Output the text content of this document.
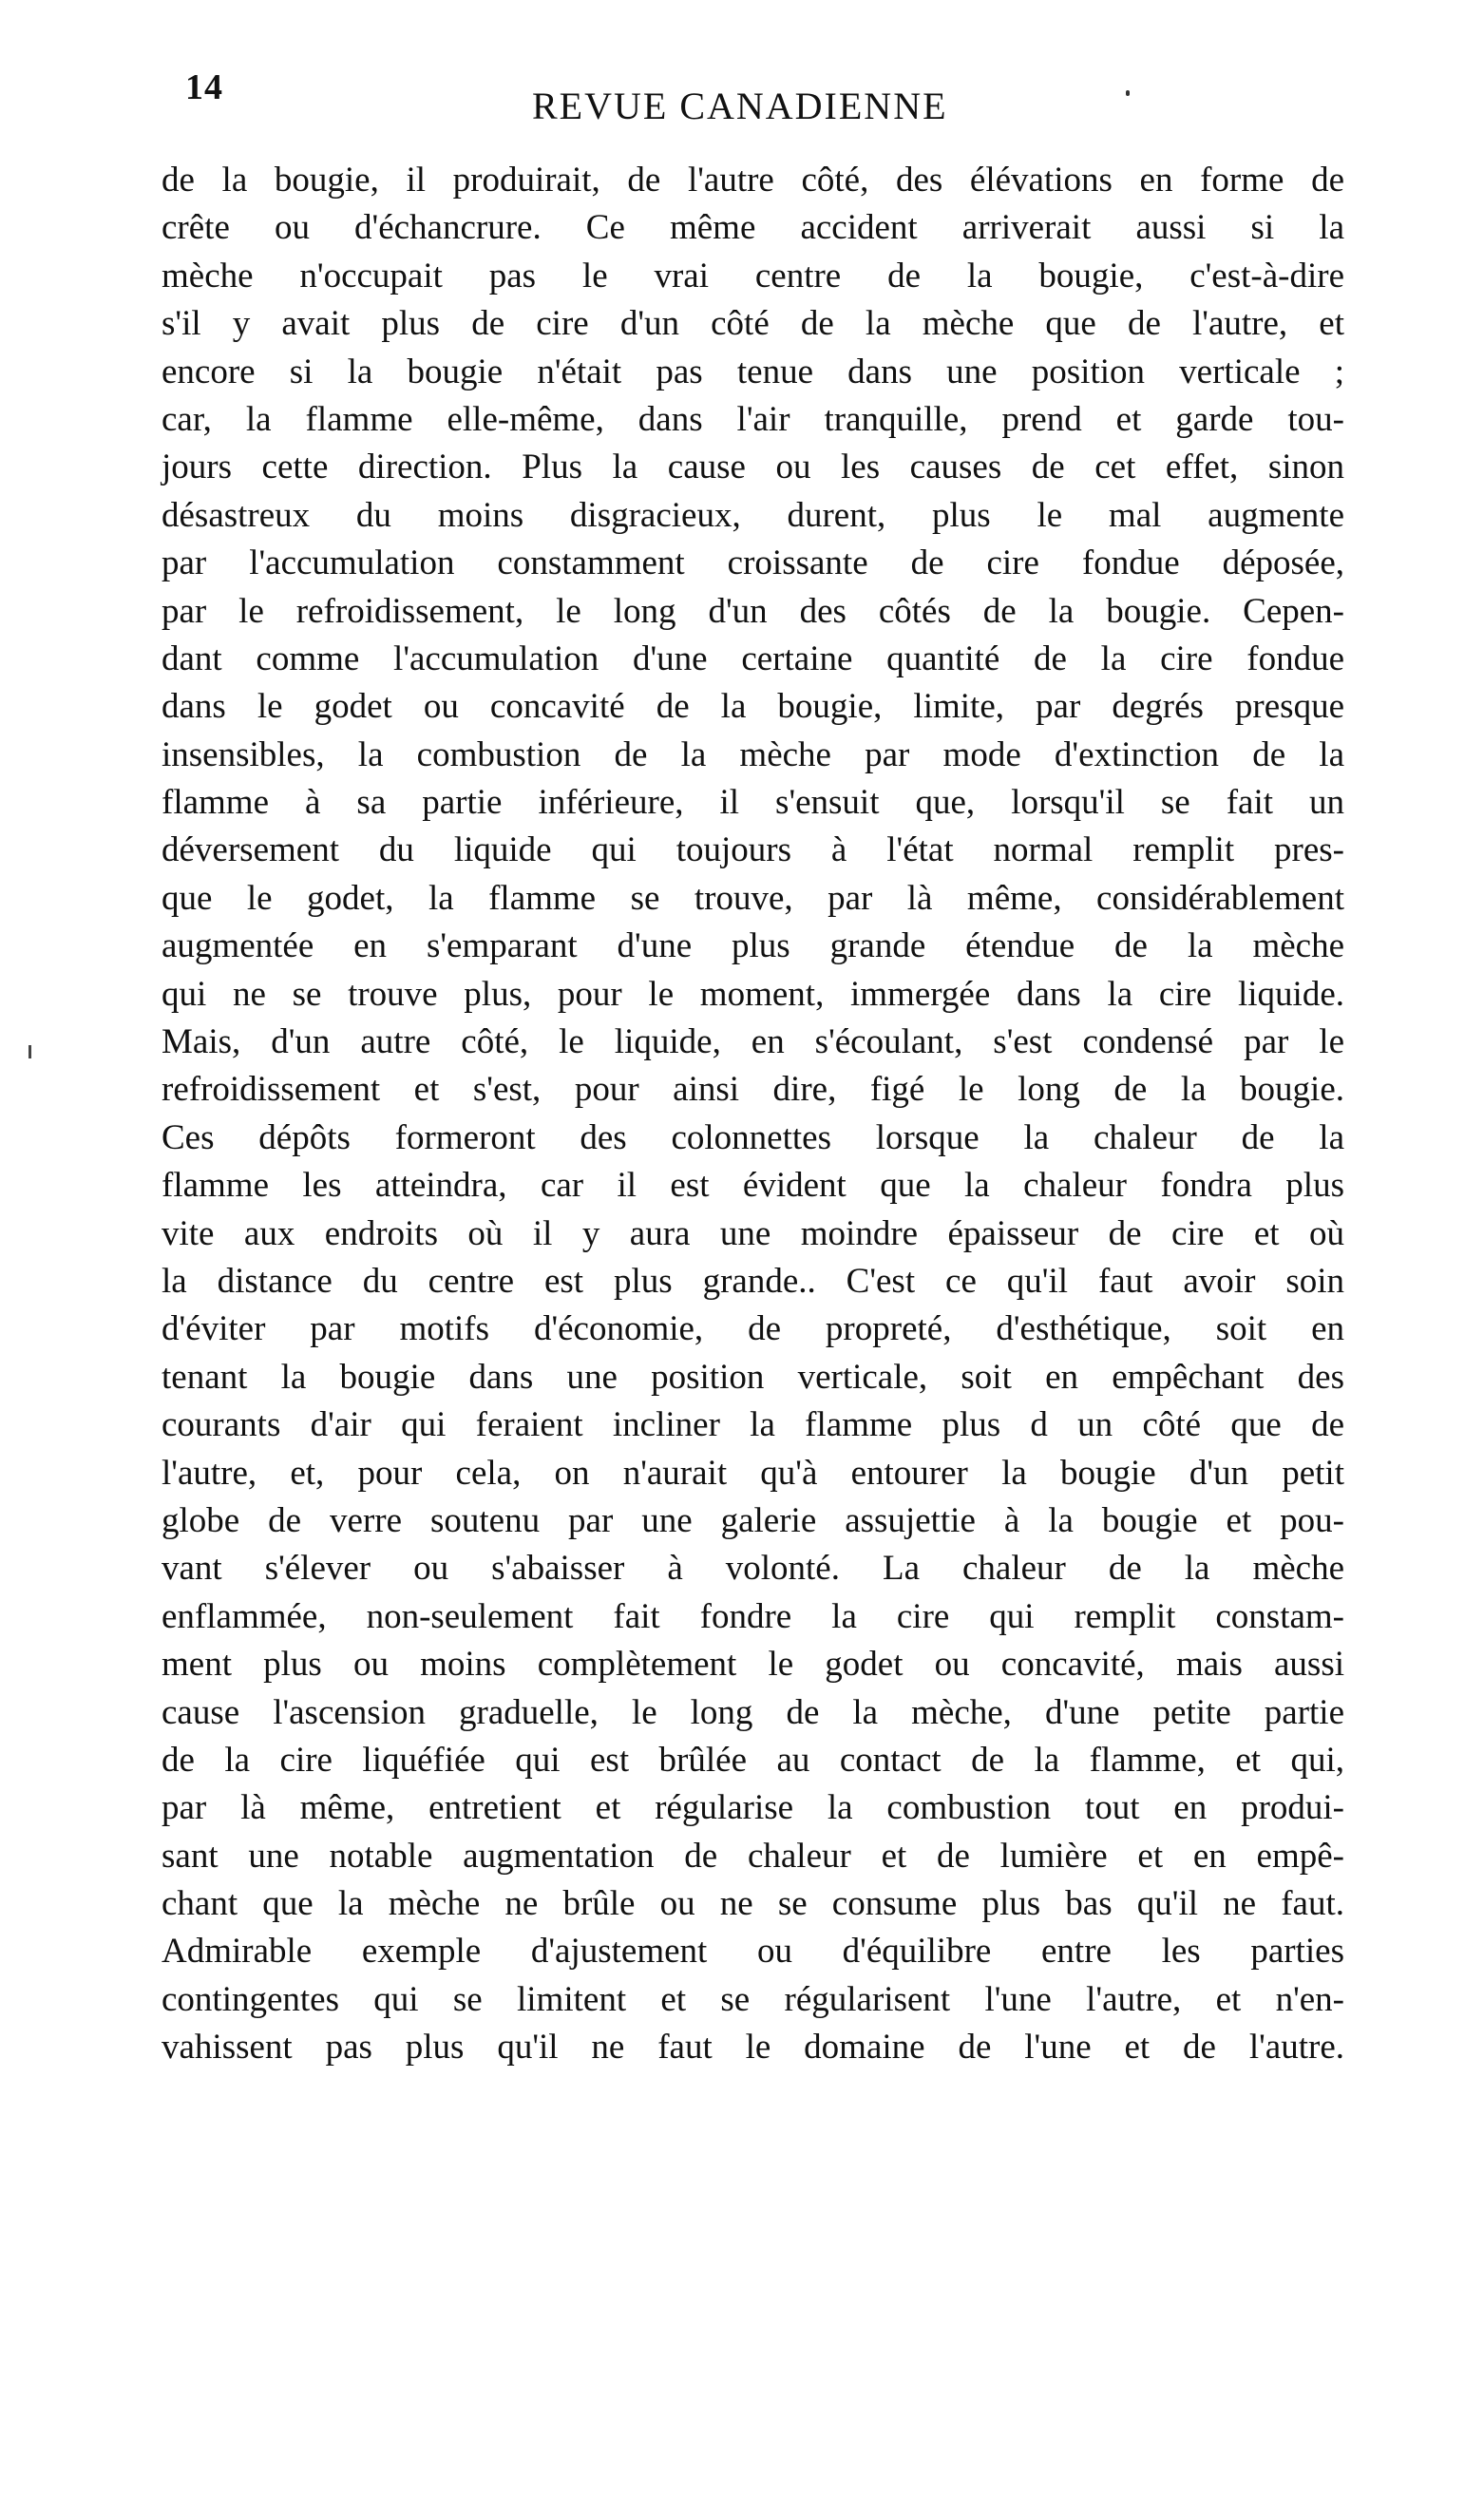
14	REVUE CANADIENNE
de la bougie, il produirait, de l'autre côté, des élévations en forme de
crête ou d'échancrure. Ce même accident arriverait aussi si la
mèche n'occupait pas le vrai centre de la bougie, c'est-à-dire
s'il y avait plus de cire d'un côté de la mèche que de l'autre, et
encore si la bougie n'était pas tenue dans une position verticale ;
car, la flamme elle-même, dans l'air tranquille, prend et garde tou-
jours cette direction. Plus la cause ou les causes de cet effet, sinon
désastreux du moins disgracieux, durent, plus le mal augmente
par l'accumulation constamment croissante de cire fondue déposée,
par le refroidissement, le long d'un des côtés de la bougie. Cepen-
dant comme l'accumulation d'une certaine quantité de la cire fondue
dans le godet ou concavité de la bougie, limite, par degrés presque
insensibles, la combustion de la mèche par mode d'extinction de la
flamme à sa partie inférieure, il s'ensuit que, lorsqu'il se fait un
déversement du liquide qui toujours à l'état normal remplit pres-
que le godet, la flamme se trouve, par là même, considérablement
augmentée en s'emparant d'une plus grande étendue de la mèche
qui ne se trouve plus, pour le moment, immergée dans la cire liquide.
Mais, d'un autre côté, le liquide, en s'écoulant, s'est condensé par le
refroidissement et s'est, pour ainsi dire, figé le long de la bougie.
Ces dépôts formeront des colonnettes lorsque la chaleur de la
flamme les atteindra, car il est évident que la chaleur fondra plus
vite aux endroits où il y aura une moindre épaisseur de cire et où
la distance du centre est plus grande.. C'est ce qu'il faut avoir soin
d'éviter par motifs d'économie, de propreté, d'esthétique, soit en
tenant la bougie dans une position verticale, soit en empêchant des
courants d'air qui feraient incliner la flamme plus d un côté que de
l'autre, et, pour cela, on n'aurait qu'à entourer la bougie d'un petit
globe de verre soutenu par une galerie assujettie à la bougie et pou-
vant s'élever ou s'abaisser à volonté. La chaleur de la mèche
enflammée, non-seulement fait fondre la cire qui remplit constam-
ment plus ou moins complètement le godet ou concavité, mais aussi
cause l'ascension graduelle, le long de la mèche, d'une petite partie
de la cire liquéfiée qui est brûlée au contact de la flamme, et qui,
par là même, entretient et régularise la combustion tout en produi-
sant une notable augmentation de chaleur et de lumière et en empê-
chant que la mèche ne brûle ou ne se consume plus bas qu'il ne faut.
Admirable exemple d'ajustement ou d'équilibre entre les parties
contingentes qui se limitent et se régularisent l'une l'autre, et n'en-
vahissent pas plus qu'il ne faut le domaine de l'une et de l'autre.
